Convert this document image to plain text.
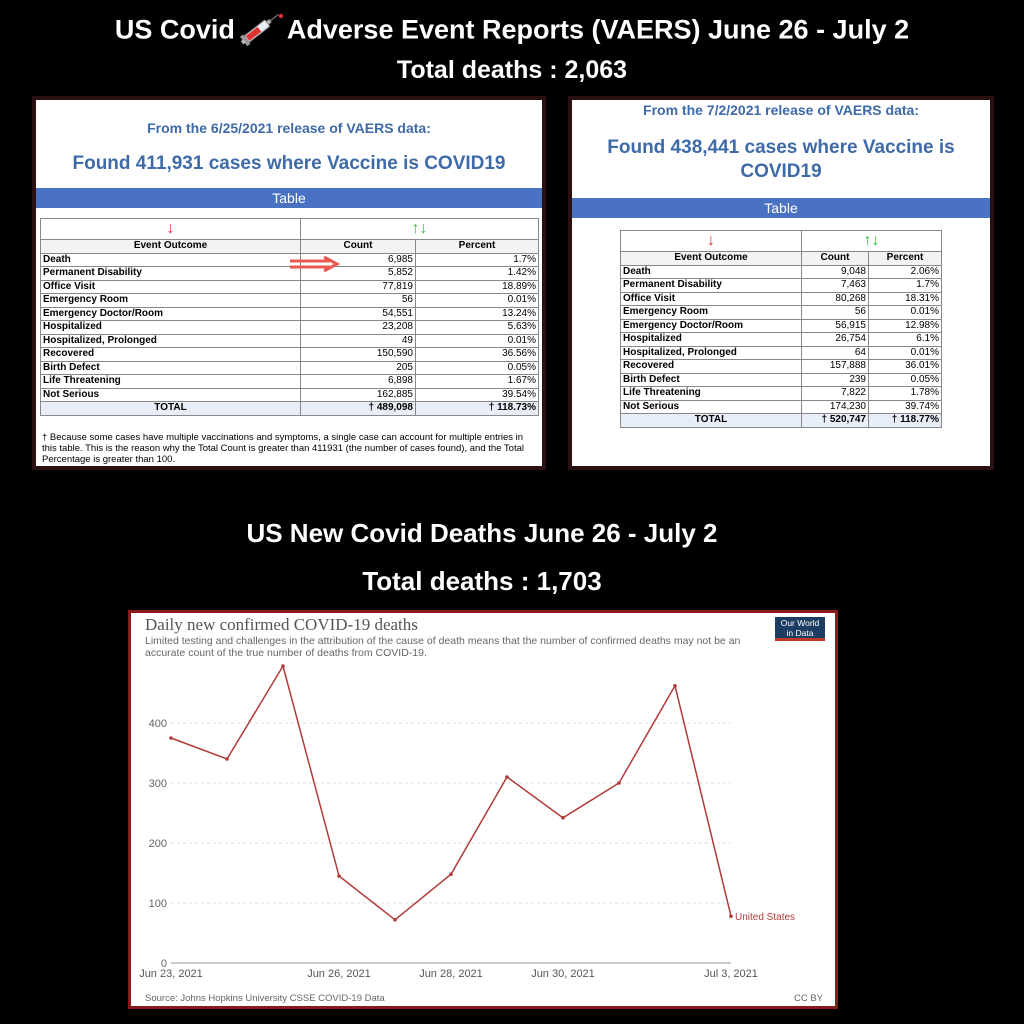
US Covid Adverse Event Reports (VAERS) June 26 - July 2
Total deaths : 2,063
From the 6/25/2021 release of VAERS data:
Found 411,931 cases where Vaccine is COVID19
Table
↓	↑↓	
Event Outcome	Count	Percent
Death	6,985	1.7%
Permanent Disability	5,852	1.42%
Office Visit	77,819	18.89%
Emergency Room	56	0.01%
Emergency Doctor/Room	54,551	13.24%
Hospitalized	23,208	5.63%
Hospitalized, Prolonged	49	0.01%
Recovered	150,590	36.56%
Birth Defect	205	0.05%
Life Threatening	6,898	1.67%
Not Serious	162,885	39.54%
TOTAL	† 489,098	† 118.73%
† Because some cases have multiple vaccinations and symptoms, a single case can account for multiple entries in this table. This is the reason why the Total Count is greater than 411931 (the number of cases found), and the Total Percentage is greater than 100.
From the 7/2/2021 release of VAERS data:
Found 438,441 cases where Vaccine is COVID19
Table
↓	↑↓	
Event Outcome	Count	Percent
Death	9,048	2.06%
Permanent Disability	7,463	1.7%
Office Visit	80,268	18.31%
Emergency Room	56	0.01%
Emergency Doctor/Room	56,915	12.98%
Hospitalized	26,754	6.1%
Hospitalized, Prolonged	64	0.01%
Recovered	157,888	36.01%
Birth Defect	239	0.05%
Life Threatening	7,822	1.78%
Not Serious	174,230	39.74%
TOTAL	† 520,747	† 118.77%
US New Covid Deaths June 26 - July 2
Total deaths : 1,703
Daily new confirmed COVID-19 deaths
Limited testing and challenges in the attribution of the cause of death means that the number of confirmed deaths may not be an accurate count of the true number of deaths from COVID-19.
Our World
in Data
0
100
200
300
400
Jun 23, 2021	Jun 26, 2021	Jun 28, 2021	Jun 30, 2021	Jul 3, 2021
United States
Source: Johns Hopkins University CSSE COVID-19 Data	CC BY
